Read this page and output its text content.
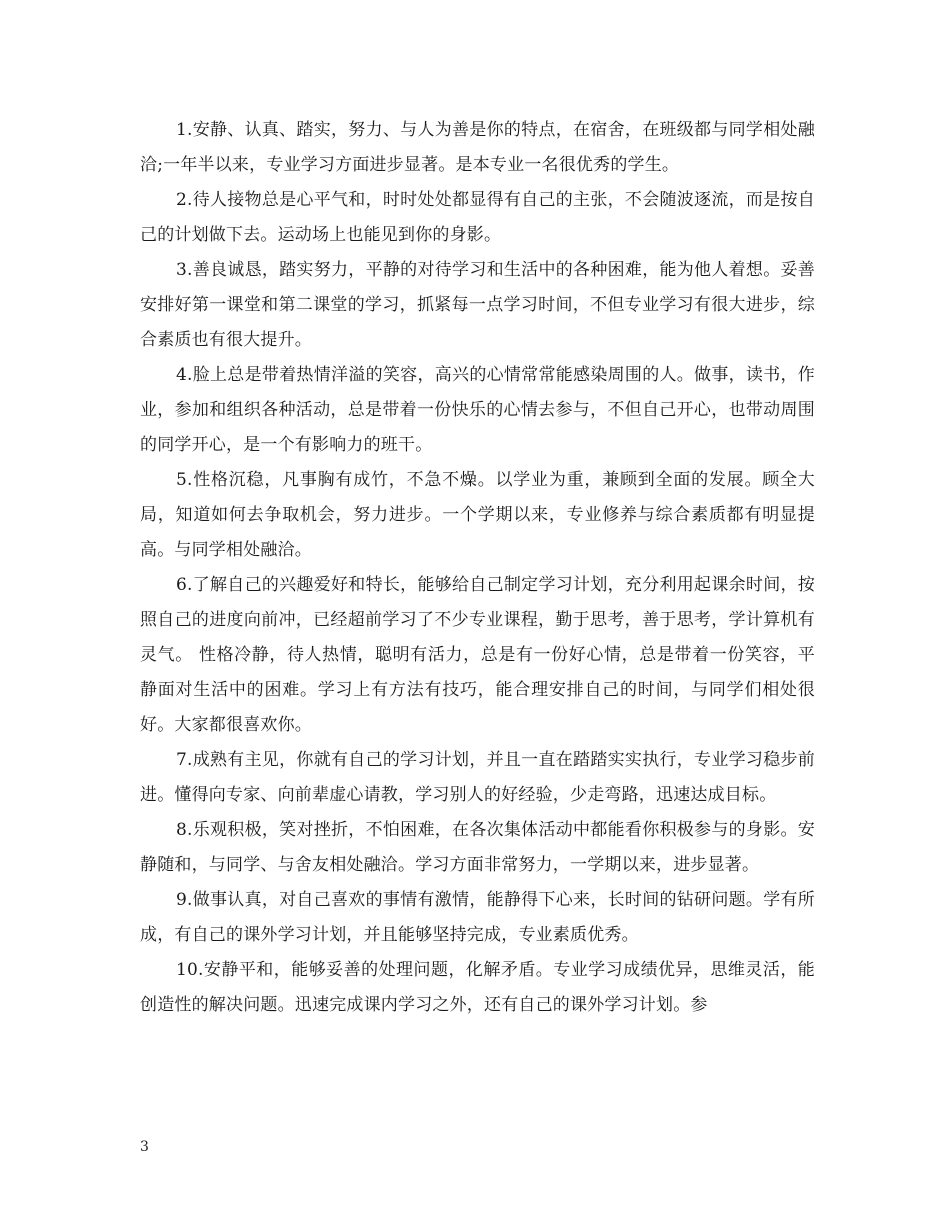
1.安静、认真、踏实，努力、与人为善是你的特点，在宿舍，在班级都与同学相处融洽;一年半以来，专业学习方面进步显著。是本专业一名很优秀的学生。

2.待人接物总是心平气和，时时处处都显得有自己的主张，不会随波逐流，而是按自己的计划做下去。运动场上也能见到你的身影。

3.善良诚恳，踏实努力，平静的对待学习和生活中的各种困难，能为他人着想。妥善安排好第一课堂和第二课堂的学习，抓紧每一点学习时间，不但专业学习有很大进步，综合素质也有很大提升。

4.脸上总是带着热情洋溢的笑容，高兴的心情常常能感染周围的人。做事，读书，作业，参加和组织各种活动，总是带着一份快乐的心情去参与，不但自己开心，也带动周围的同学开心，是一个有影响力的班干。

5.性格沉稳，凡事胸有成竹，不急不燥。以学业为重，兼顾到全面的发展。顾全大局，知道如何去争取机会，努力进步。一个学期以来，专业修养与综合素质都有明显提高。与同学相处融洽。

6.了解自己的兴趣爱好和特长，能够给自己制定学习计划，充分利用起课余时间，按照自己的进度向前冲，已经超前学习了不少专业课程，勤于思考，善于思考，学计算机有灵气。 性格冷静，待人热情，聪明有活力，总是有一份好心情，总是带着一份笑容，平静面对生活中的困难。学习上有方法有技巧，能合理安排自己的时间，与同学们相处很好。大家都很喜欢你。

7.成熟有主见，你就有自己的学习计划，并且一直在踏踏实实执行，专业学习稳步前进。懂得向专家、向前辈虚心请教，学习别人的好经验，少走弯路，迅速达成目标。

8.乐观积极，笑对挫折，不怕困难，在各次集体活动中都能看你积极参与的身影。安静随和，与同学、与舍友相处融洽。学习方面非常努力，一学期以来，进步显著。

9.做事认真，对自己喜欢的事情有激情，能静得下心来，长时间的钻研问题。学有所成，有自己的课外学习计划，并且能够坚持完成，专业素质优秀。

10.安静平和，能够妥善的处理问题，化解矛盾。专业学习成绩优异，思维灵活，能创造性的解决问题。迅速完成课内学习之外，还有自己的课外学习计划。参

3
